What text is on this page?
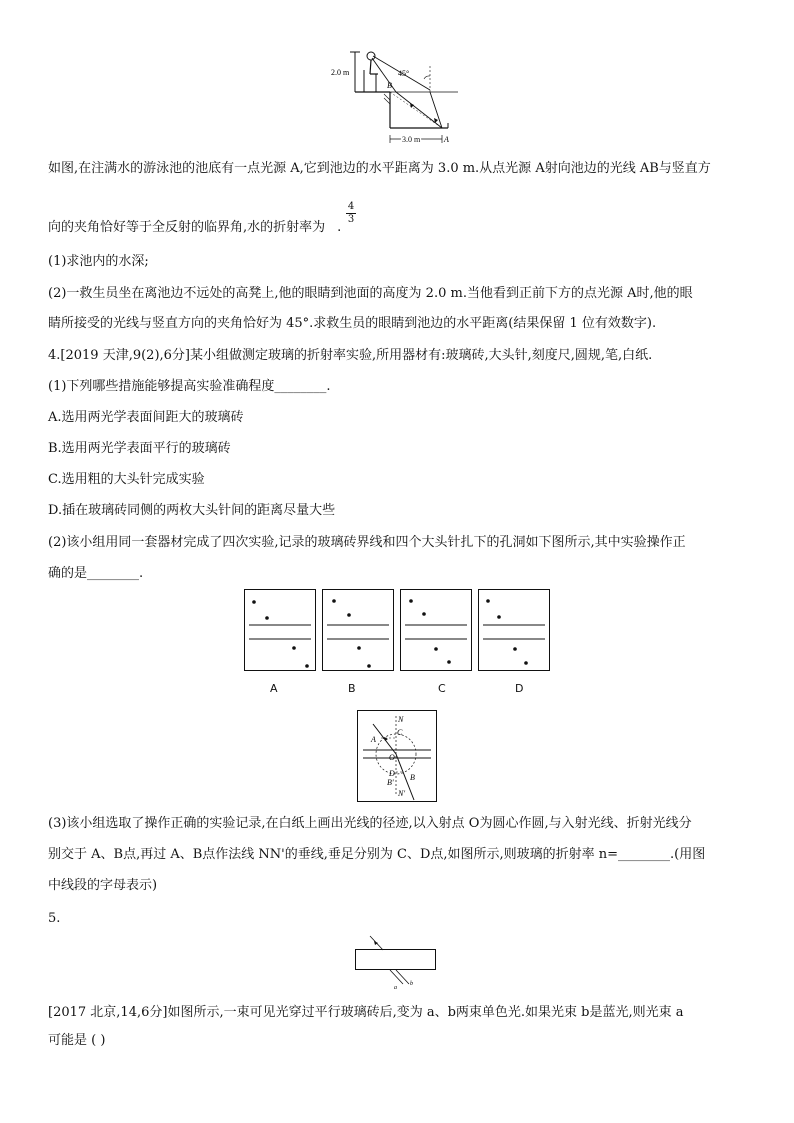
2.0 m	45°
B
3.0 m	A
如图,在注满水的游泳池的池底有一点光源 A,它到池边的水平距离为 3.0 m.从点光源 A射向池边的光线 AB与竖直方
向的夹角恰好等于全反射的临界角,水的折射率为 .
4
3
(1)求池内的水深;
(2)一救生员坐在离池边不远处的高凳上,他的眼睛到池面的高度为 2.0 m.当他看到正前下方的点光源 A时,他的眼
睛所接受的光线与竖直方向的夹角恰好为 45°.求救生员的眼睛到池边的水平距离(结果保留 1 位有效数字).
4.[2019 天津,9(2),6分]某小组做测定玻璃的折射率实验,所用器材有:玻璃砖,大头针,刻度尺,圆规,笔,白纸.
(1)下列哪些措施能够提高实验准确程度________.
A.选用两光学表面间距大的玻璃砖
B.选用两光学表面平行的玻璃砖
C.选用粗的大头针完成实验
D.插在玻璃砖同侧的两枚大头针间的距离尽量大些
(2)该小组用同一套器材完成了四次实验,记录的玻璃砖界线和四个大头针扎下的孔洞如下图所示,其中实验操作正
确的是________.
A	B	C	D
N
C
A
O
D B
B'
N'
(3)该小组选取了操作正确的实验记录,在白纸上画出光线的径迹,以入射点 O为圆心作圆,与入射光线、折射光线分
别交于 A、B点,再过 A、B点作法线 NN'的垂线,垂足分别为 C、D点,如图所示,则玻璃的折射率 n=________.(用图
中线段的字母表示)
5.
a
b
[2017 北京,14,6分]如图所示,一束可见光穿过平行玻璃砖后,变为 a、b两束单色光.如果光束 b是蓝光,则光束 a
可能是 ( )
